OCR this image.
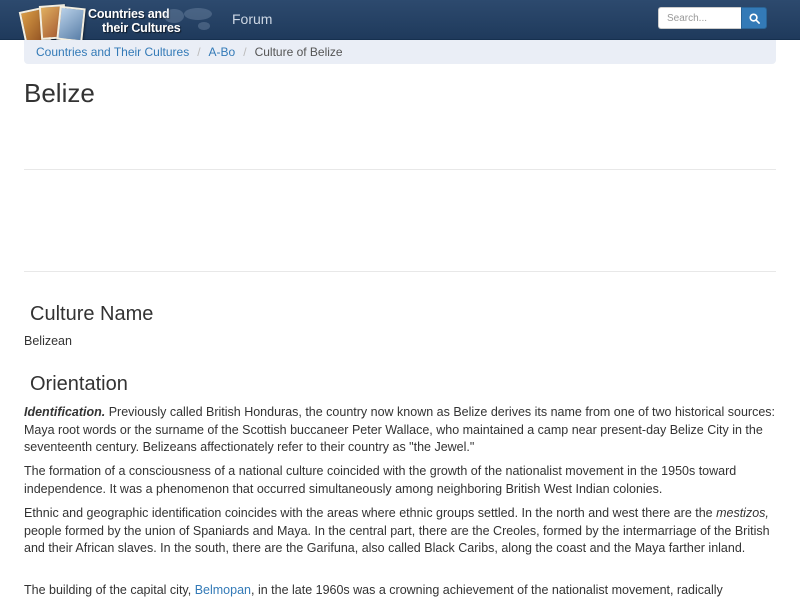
Countries and
their Cultures
Forum
Search...
Countries and Their Cultures / A-Bo / Culture of Belize
Belize
Culture Name

Belizean

Orientation

Identification. Previously called British Honduras, the country now known as Belize derives its name from one of two historical sources: Maya root words or the surname of the Scottish buccaneer Peter Wallace, who maintained a camp near present-day Belize City in the seventeenth century. Belizeans affectionately refer to their country as "the Jewel."

The formation of a consciousness of a national culture coincided with the growth of the nationalist movement in the 1950s toward independence. It was a phenomenon that occurred simultaneously among neighboring British West Indian colonies.

Ethnic and geographic identification coincides with the areas where ethnic groups settled. In the north and west there are the mestizos, people formed by the union of Spaniards and Maya. In the central part, there are the Creoles, formed by the intermarriage of the British and their African slaves. In the south, there are the Garifuna, also called Black Caribs, along the coast and the Maya farther inland.

The building of the capital city, Belmopan, in the late 1960s was a crowning achievement of the nationalist movement, radically
